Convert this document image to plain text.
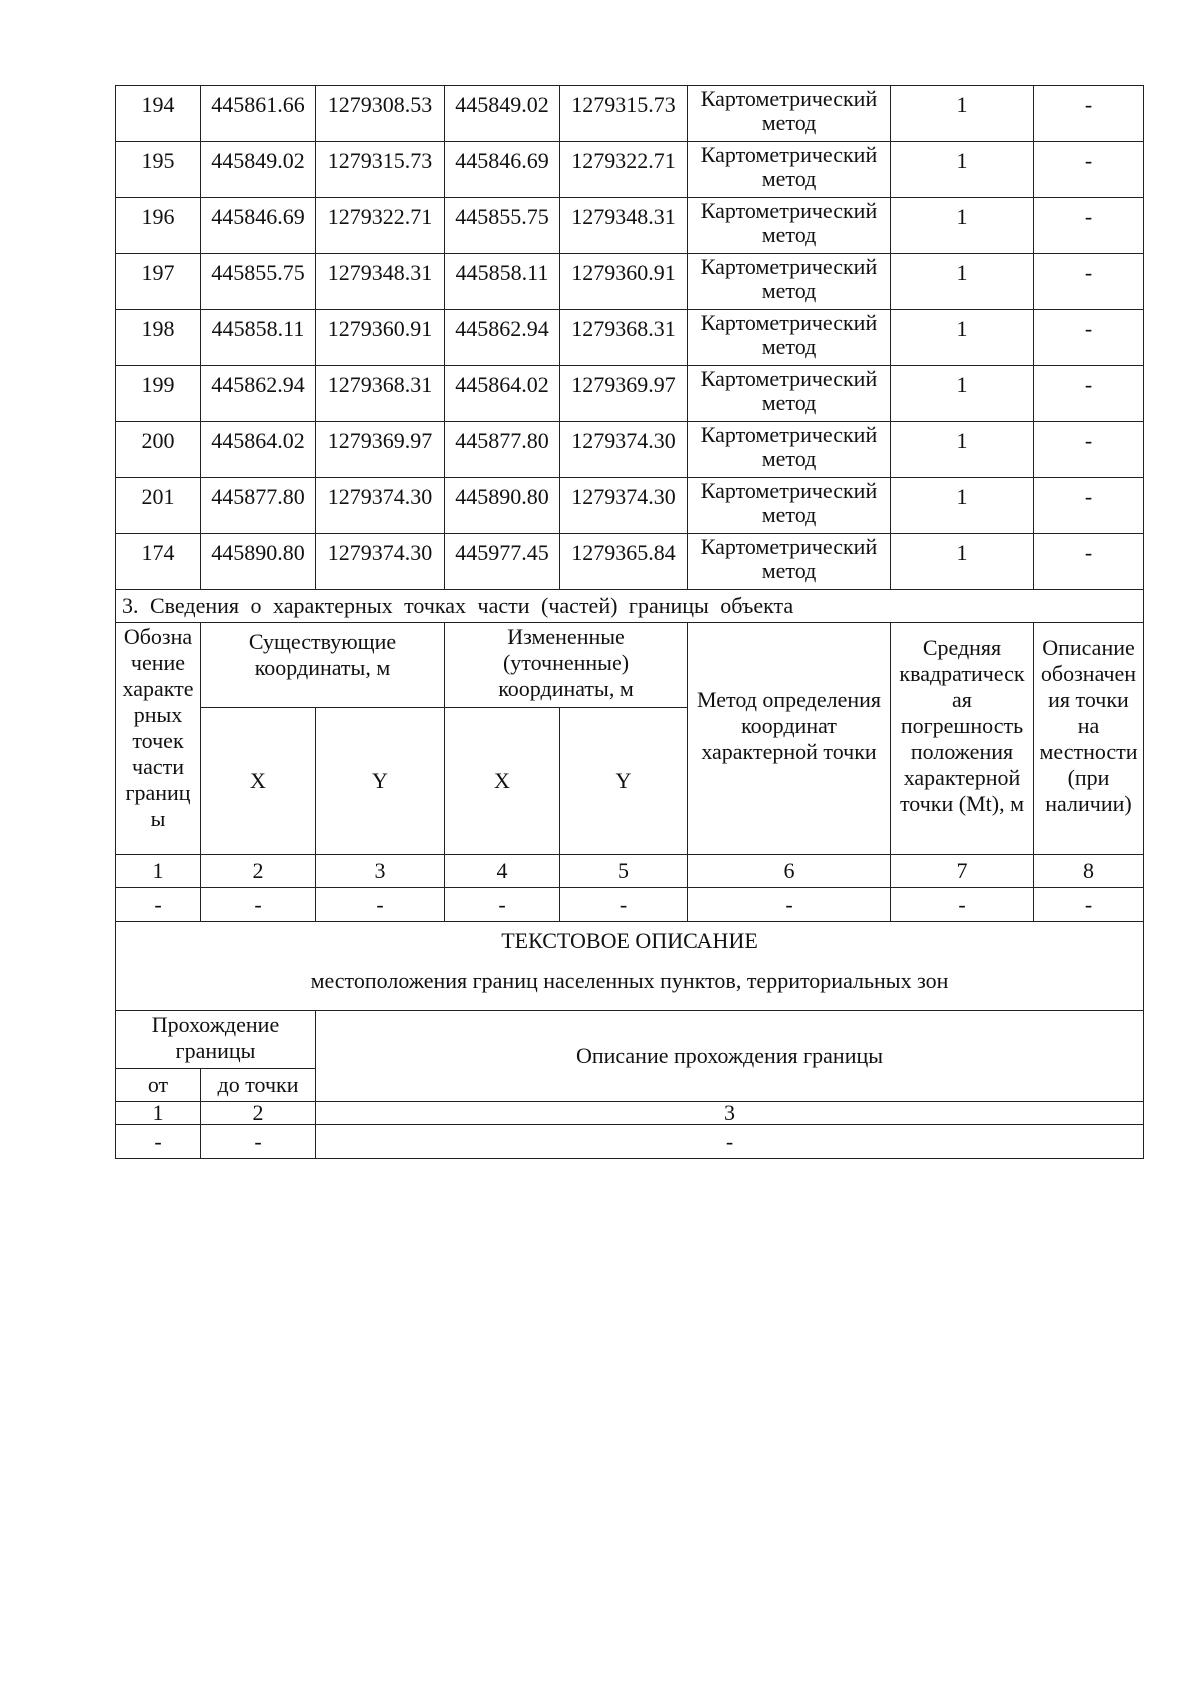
194	445861.66	1279308.53	445849.02	1279315.73	Картометрический метод	1	-
195	445849.02	1279315.73	445846.69	1279322.71	Картометрический метод	1	-
196	445846.69	1279322.71	445855.75	1279348.31	Картометрический метод	1	-
197	445855.75	1279348.31	445858.11	1279360.91	Картометрический метод	1	-
198	445858.11	1279360.91	445862.94	1279368.31	Картометрический метод	1	-
199	445862.94	1279368.31	445864.02	1279369.97	Картометрический метод	1	-
200	445864.02	1279369.97	445877.80	1279374.30	Картометрический метод	1	-
201	445877.80	1279374.30	445890.80	1279374.30	Картометрический метод	1	-
174	445890.80	1279374.30	445977.45	1279365.84	Картометрический метод	1	-
3. Сведения о характерных точках части (частей) границы объекта							
Обозна чение характе рных точек части границ ы	Существующие координаты, м		Измененные (уточненные) координаты, м		Метод определения координат характерной точки	Средняя квадратическ ая погрешность положения характерной точки (Mt), м	Описание обозначен ия точки на местности (при наличии)
	X	Y	X	Y			
1	2	3	4	5	6	7	8
-	-	-	-	-	-	-	-

ТЕКСТОВОЕ ОПИСАНИЕ
местоположения границ населенных пунктов, территориальных зон							

Прохождение границы		Описание прохождения границы					
от	до точки						
1	2	3					
-	-	-					
